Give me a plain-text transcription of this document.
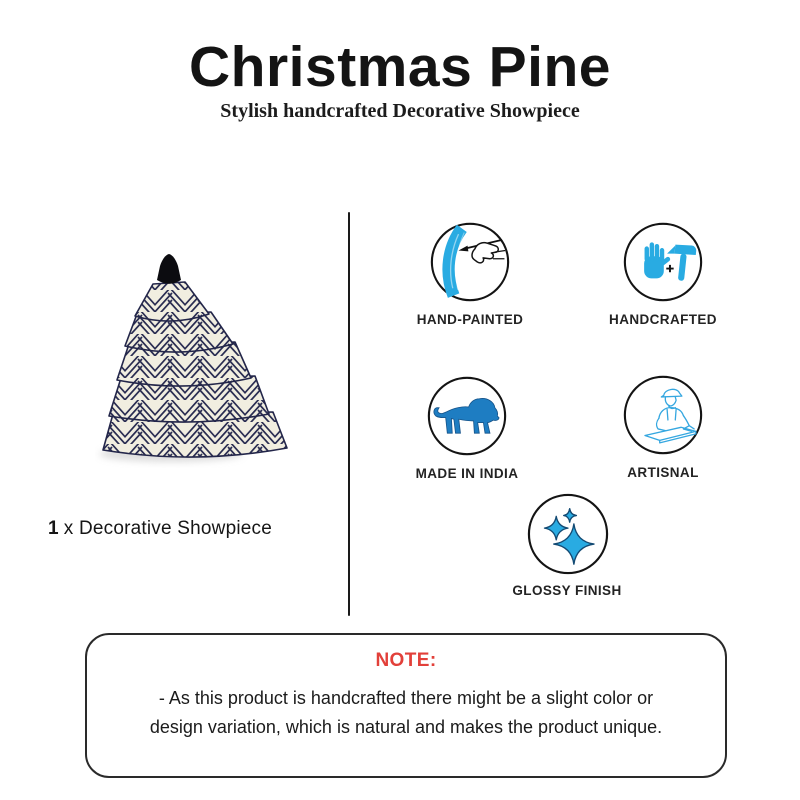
Christmas Pine
Stylish handcrafted Decorative Showpiece
1 x Decorative Showpiece
HAND-PAINTED	HANDCRAFTED
MADE IN INDIA	ARTISNAL
GLOSSY FINISH
NOTE:
- As this product is handcrafted there might be a slight color or
design variation, which is natural and makes the product unique.
